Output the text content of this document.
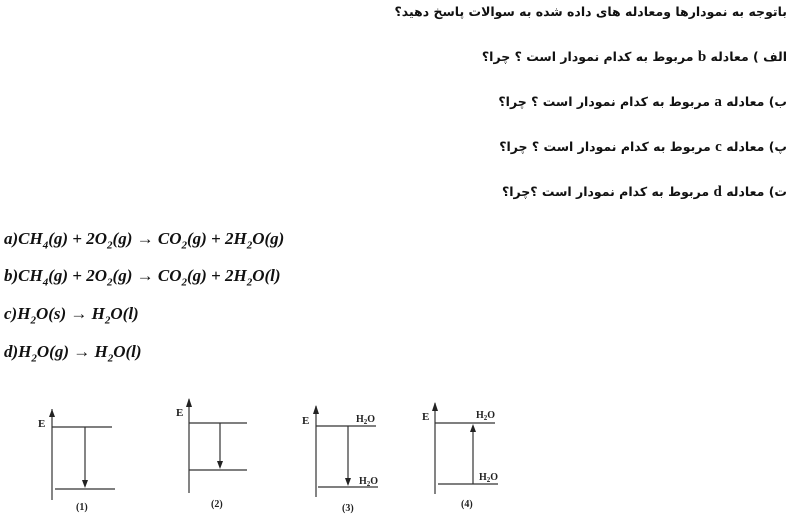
باتوجه به نمودارها ومعادله های داده شده به سوالات پاسخ دهید؟
الف ) معادله b مربوط به کدام نمودار است ؟ چرا؟
ب) معادله a مربوط به کدام نمودار است ؟ چرا؟
پ) معادله c مربوط به کدام نمودار است ؟ چرا؟
ت) معادله d مربوط به کدام نمودار است ؟چرا؟
$a)CH_4(g) + 2O_2(g) \to CO_2(g) + 2H_2O(g)$
$b)CH_4(g) + 2O_2(g) \to CO_2(g) + 2H_2O(l)$
$c)H_2O(s) \to H_2O(l)$
$d)H_2O(g) \to H_2O(l)$
E
(1)
E
(2)
E	$H_2O$
$H_2O$
(3)
E	$H_2O$
$H_2O$
(4)
